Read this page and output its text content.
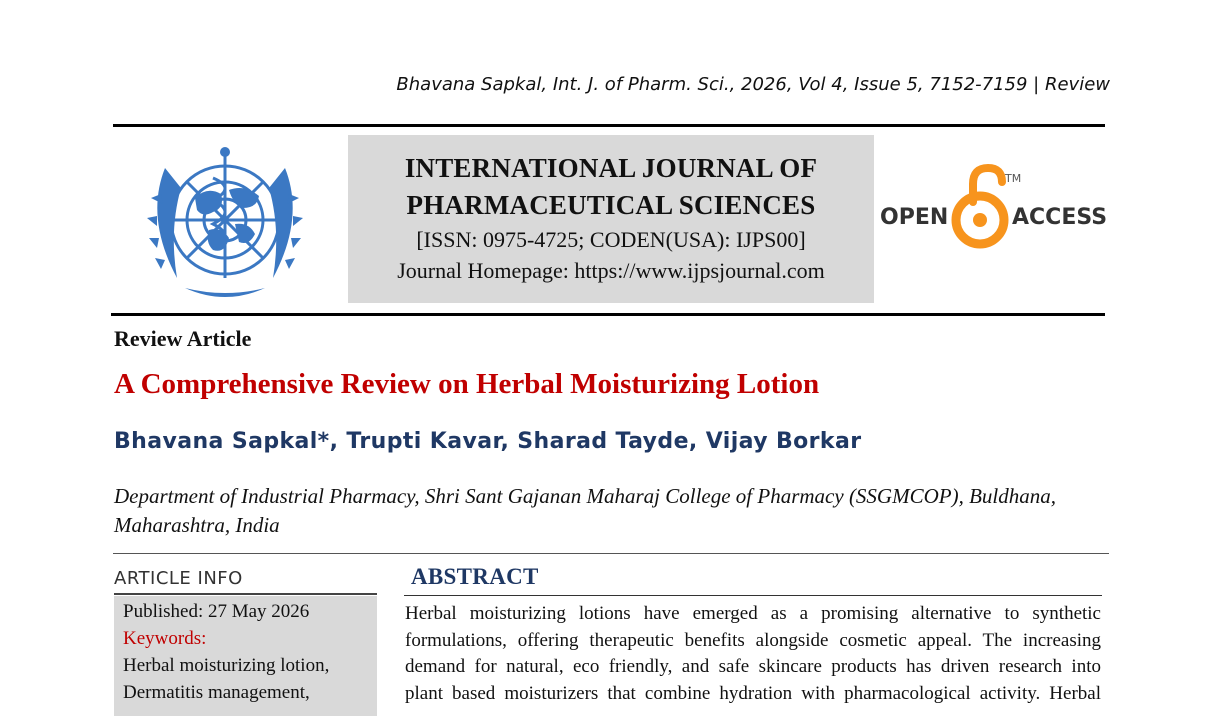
Bhavana Sapkal, Int. J. of Pharm. Sci., 2026, Vol 4, Issue 5, 7152-7159 | Review
INTERNATIONAL JOURNAL OF
PHARMACEUTICAL SCIENCES
[ISSN: 0975-4725; CODEN(USA): IJPS00]
Journal Homepage: https://www.ijpsjournal.com
OPEN
TM
ACCESS
Review Article
A Comprehensive Review on Herbal Moisturizing Lotion
Bhavana Sapkal*, Trupti Kavar, Sharad Tayde, Vijay Borkar
Department of Industrial Pharmacy, Shri Sant Gajanan Maharaj College of Pharmacy (SSGMCOP), Buldhana,
Maharashtra, India
ARTICLE INFO
Published: 27 May 2026
Keywords:
Herbal moisturizing lotion,
Dermatitis management,
ABSTRACT
Herbal moisturizing lotions have emerged as a promising alternative to synthetic
formulations, offering therapeutic benefits alongside cosmetic appeal. The increasing
demand for natural, eco friendly, and safe skincare products has driven research into
plant based moisturizers that combine hydration with pharmacological activity. Herbal
